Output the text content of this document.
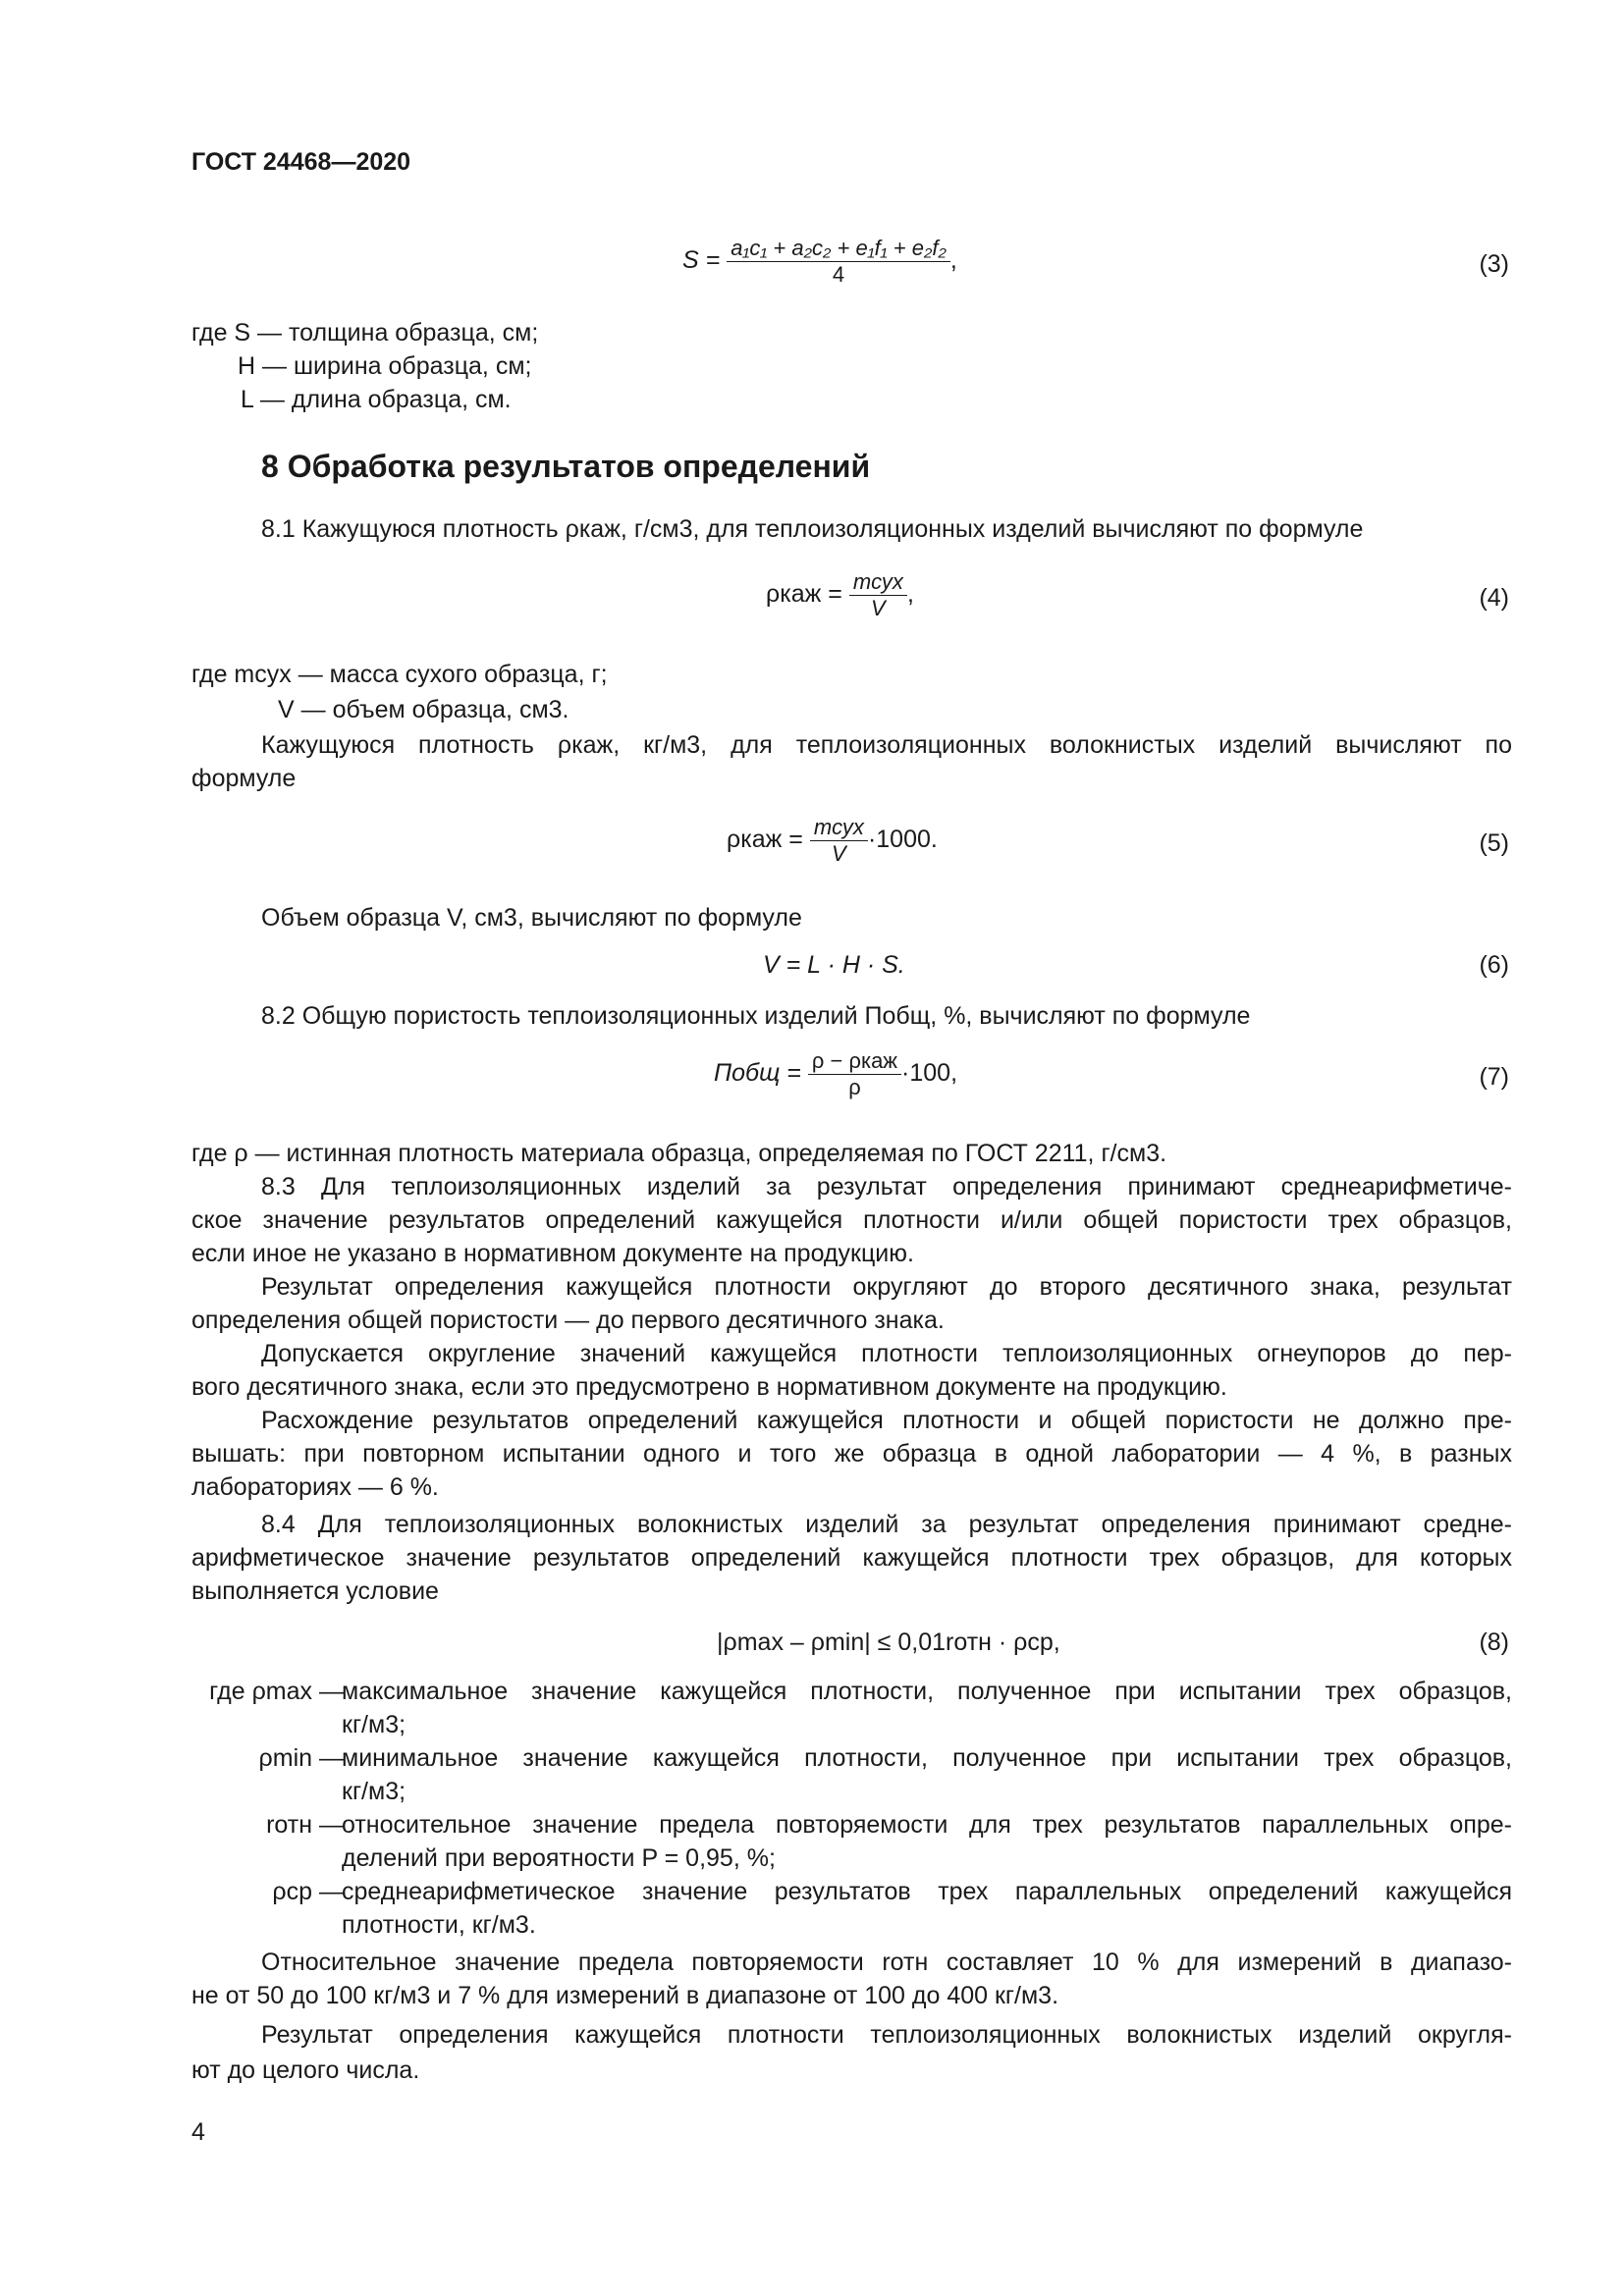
ГОСТ 24468—2020
$S = \frac{\text{a₁c₁ + a₂c₂ + e₁f₁ + e₂f₂}}{4}$ ,	(3)
где S — толщина образца, см;
H — ширина образца, см;
L — длина образца, см.
8 Обработка результатов определений
8.1 Кажущуюся плотность ρкаж, г/см3, для теплоизоляционных изделий вычисляют по формуле
$\rho каж = \frac{\text{mсух}}{V}$ ,	(4)
где mсух — масса сухого образца, г;
V — объем образца, см3.
Кажущуюся плотность ρкаж, кг/м3, для теплоизоляционных волокнистых изделий вычисляют по
формуле
$\rho каж = \frac{\text{mсух}}{V} \cdot 1000$.	(5)
Объем образца V, см3, вычисляют по формуле
V = L · H · S.	(6)
8.2 Общую пористость теплоизоляционных изделий Побщ, %, вычисляют по формуле
Побщ = $\frac{\text{ρ − ρкаж}}{\rho} \cdot 100$,	(7)
где ρ — истинная плотность материала образца, определяемая по ГОСТ 2211, г/см3.
8.3 Для теплоизоляционных изделий за результат определения принимают среднеарифметиче-
ское значение результатов определений кажущейся плотности и/или общей пористости трех образцов,
если иное не указано в нормативном документе на продукцию.
Результат определения кажущейся плотности округляют до второго десятичного знака, результат
определения общей пористости — до первого десятичного знака.
Допускается округление значений кажущейся плотности теплоизоляционных огнеупоров до пер-
вого десятичного знака, если это предусмотрено в нормативном документе на продукцию.
Расхождение результатов определений кажущейся плотности и общей пористости не должно пре-
вышать: при повторном испытании одного и того же образца в одной лаборатории — 4 %, в разных
лабораториях — 6 %.
8.4 Для теплоизоляционных волокнистых изделий за результат определения принимают средне-
арифметическое значение результатов определений кажущейся плотности трех образцов, для которых
выполняется условие
|ρmax – ρmin| ≤ 0,01rотн · ρср,	(8)
где ρmax —
максимальное значение кажущейся плотности, полученное при испытании трех образцов,
кг/м3;
ρmin —
минимальное значение кажущейся плотности, полученное при испытании трех образцов,
кг/м3;
rотн —
относительное значение предела повторяемости для трех результатов параллельных опре-
делений при вероятности P = 0,95, %;
ρср —
среднеарифметическое значение результатов трех параллельных определений кажущейся
плотности, кг/м3.
Относительное значение предела повторяемости rотн составляет 10 % для измерений в диапазо-
не от 50 до 100 кг/м3 и 7 % для измерений в диапазоне от 100 до 400 кг/м3.
Результат определения кажущейся плотности теплоизоляционных волокнистых изделий округля-
ют до целого числа.
4
